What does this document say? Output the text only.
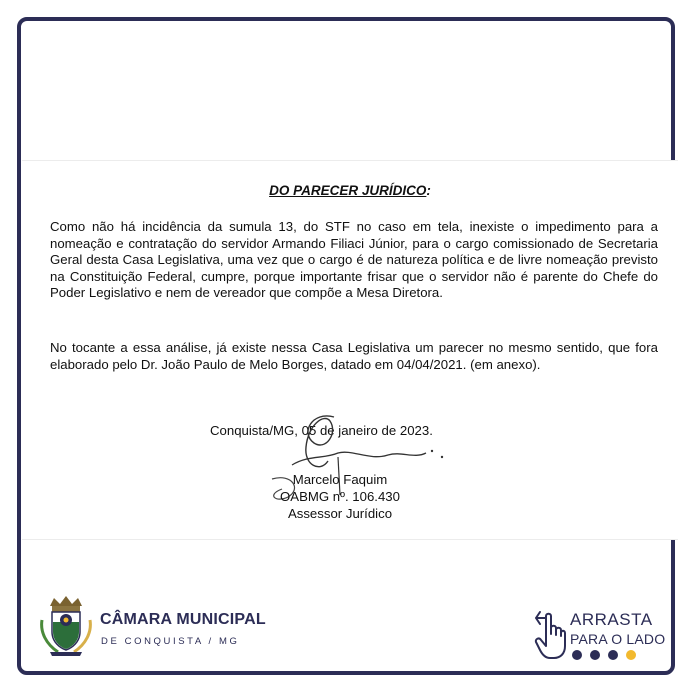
DO PARECER JURÍDICO:

Como não há incidência da sumula 13, do STF no caso em tela, inexiste o impedimento para a nomeação e contratação do servidor Armando Filiaci Júnior, para o cargo comissionado de Secretaria Geral desta Casa Legislativa, uma vez que o cargo é de natureza política e de livre nomeação previsto na Constituição Federal, cumpre, porque importante frisar que o servidor não é parente do Chefe do Poder Legislativo e nem de vereador que compõe a Mesa Diretora.

No tocante a essa análise, já existe nessa Casa Legislativa um parecer no mesmo sentido, que fora elaborado pelo Dr. João Paulo de Melo Borges, datado em 04/04/2021. (em anexo).

Conquista/MG, 05 de janeiro de 2023.
Marcelo Faquim
OABMG nº. 106.430
Assessor Jurídico
CÂMARA MUNICIPAL
DE CONQUISTA / MG
ARRASTA
PARA O LADO
